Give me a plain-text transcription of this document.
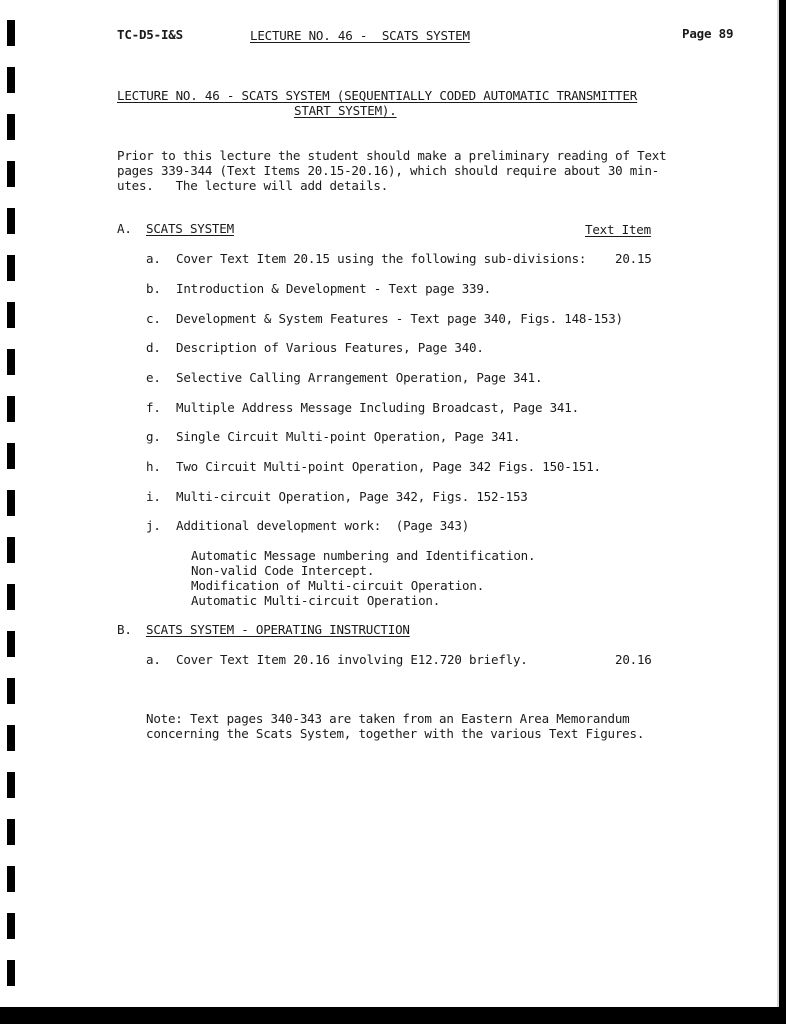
TC-D5-I&S	LECTURE NO. 46 -  SCATS SYSTEM	Page 89
LECTURE NO. 46 - SCATS SYSTEM (SEQUENTIALLY CODED AUTOMATIC TRANSMITTER
START SYSTEM).
Prior to this lecture the student should make a preliminary reading of Text
pages 339-344 (Text Items 20.15-20.16), which should require about 30 min-
utes.   The lecture will add details.
A. SCATS SYSTEM	Text Item
a. Cover Text Item 20.15 using the following sub-divisions: 20.15
b. Introduction & Development - Text page 339.
c. Development & System Features - Text page 340, Figs. 148-153)
d. Description of Various Features, Page 340.
e. Selective Calling Arrangement Operation, Page 341.
f. Multiple Address Message Including Broadcast, Page 341.
g. Single Circuit Multi-point Operation, Page 341.
h. Two Circuit Multi-point Operation, Page 342 Figs. 150-151.
i. Multi-circuit Operation, Page 342, Figs. 152-153
j. Additional development work:  (Page 343)
Automatic Message numbering and Identification.
Non-valid Code Intercept.
Modification of Multi-circuit Operation.
Automatic Multi-circuit Operation.
B. SCATS SYSTEM - OPERATING INSTRUCTION
a. Cover Text Item 20.16 involving E12.720 briefly.	20.16
Note: Text pages 340-343 are taken from an Eastern Area Memorandum
concerning the Scats System, together with the various Text Figures.
